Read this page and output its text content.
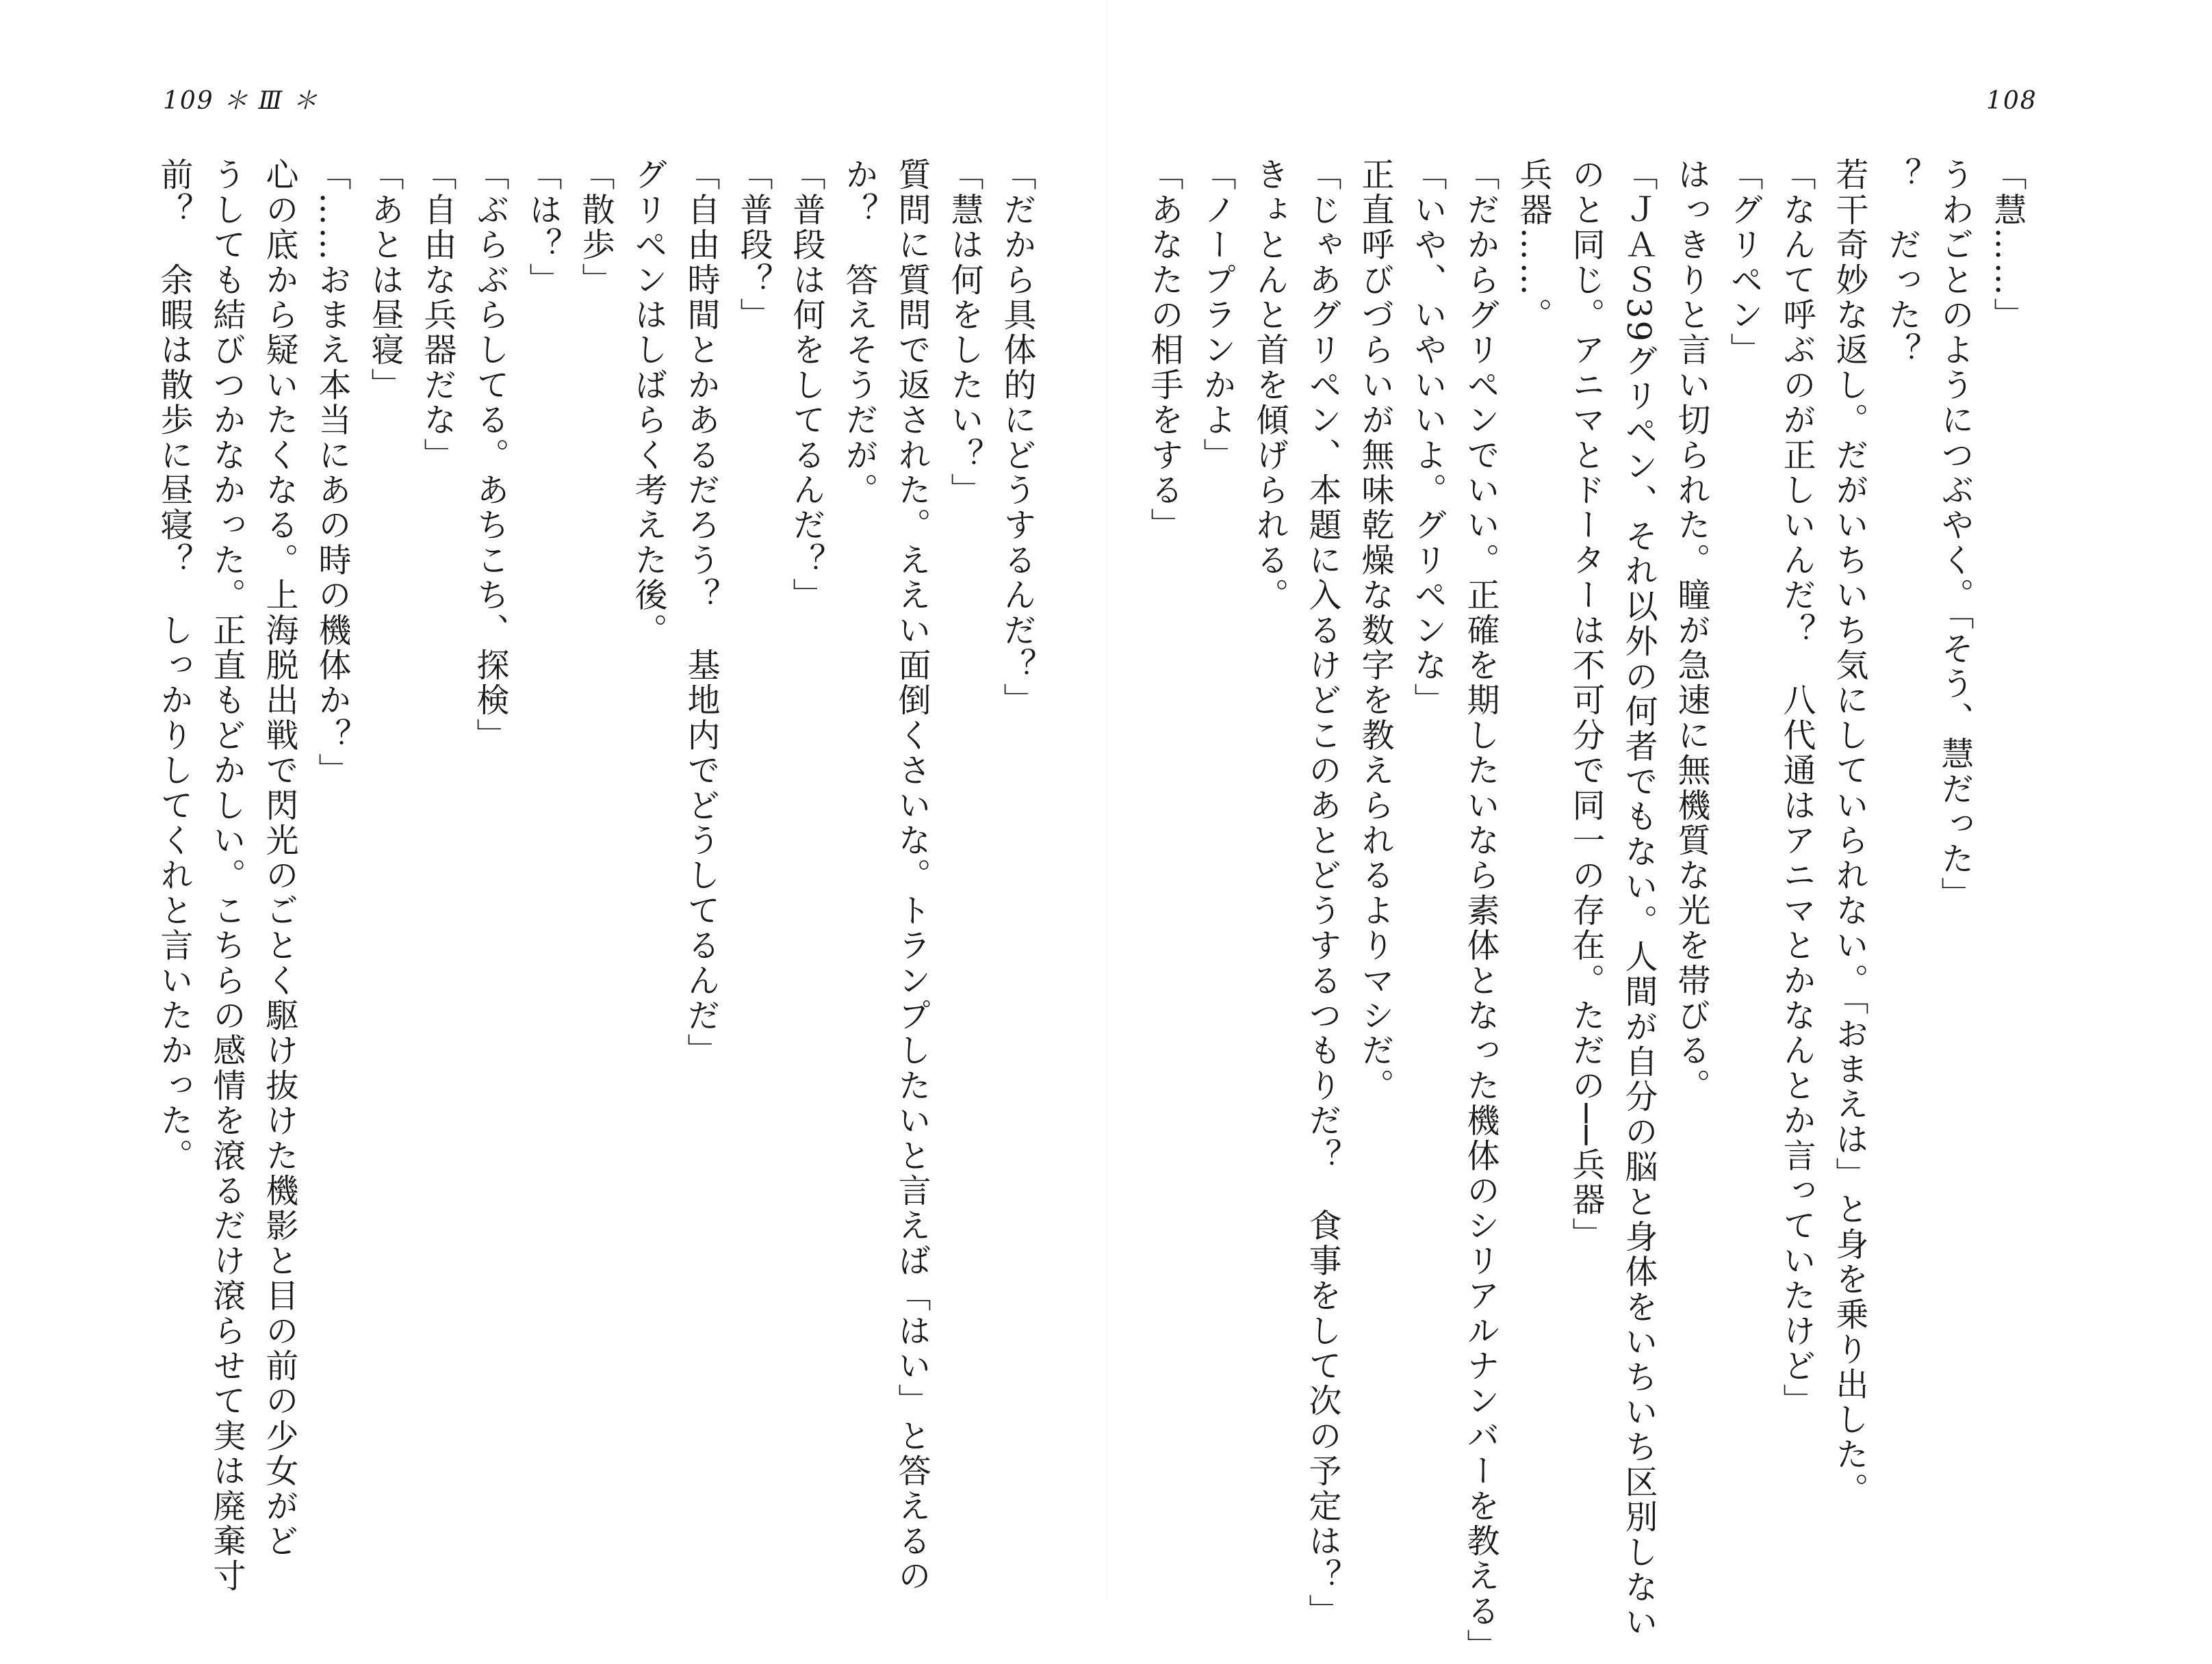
109 ＊ Ⅲ ＊	108
「慧……」
うわごとのようにつぶやく。「そう、慧だった」
？　だった？
若干奇妙な返し。だがいちいち気にしていられない。「おまえは」と身を乗り出した。
「なんて呼ぶのが正しいんだ？　八代通はアニマとかなんとか言っていたけど」
「グリペン」
はっきりと言い切られた。瞳が急速に無機質な光を帯びる。
「ＪＡＳ39グリペン、それ以外の何者でもない。人間が自分の脳と身体をいちいち区別しない
のと同じ。アニマとドーターは不可分で同一の存在。ただの──兵器」
兵器……。
「だからグリペンでいい。正確を期したいなら素体となった機体のシリアルナンバーを教える」
「いや、いやいいよ。グリペンな」
正直呼びづらいが無味乾燥な数字を教えられるよりマシだ。
「じゃあグリペン、本題に入るけどこのあとどうするつもりだ？　食事をして次の予定は？」
きょとんと首を傾げられる。
「ノープランかよ」
「あなたの相手をする」
「だから具体的にどうするんだ？」
「慧は何をしたい？」
質問に質問で返された。ええい面倒くさいな。トランプしたいと言えば「はい」と答えるの
か？　答えそうだが。
「普段は何をしてるんだ？」
「普段？」
「自由時間とかあるだろう？　基地内でどうしてるんだ」
グリペンはしばらく考えた後。
「散歩」
「は？」
「ぶらぶらしてる。あちこち、探検」
「自由な兵器だな」
「あとは昼寝」
「……おまえ本当にあの時の機体か？」
心の底から疑いたくなる。上海脱出戦で閃光のごとく駆け抜けた機影と目の前の少女がど
うしても結びつかなかった。正直もどかしい。こちらの感情を滾るだけ滾らせて実は廃棄寸
前？　余暇は散歩に昼寝？　しっかりしてくれと言いたかった。
